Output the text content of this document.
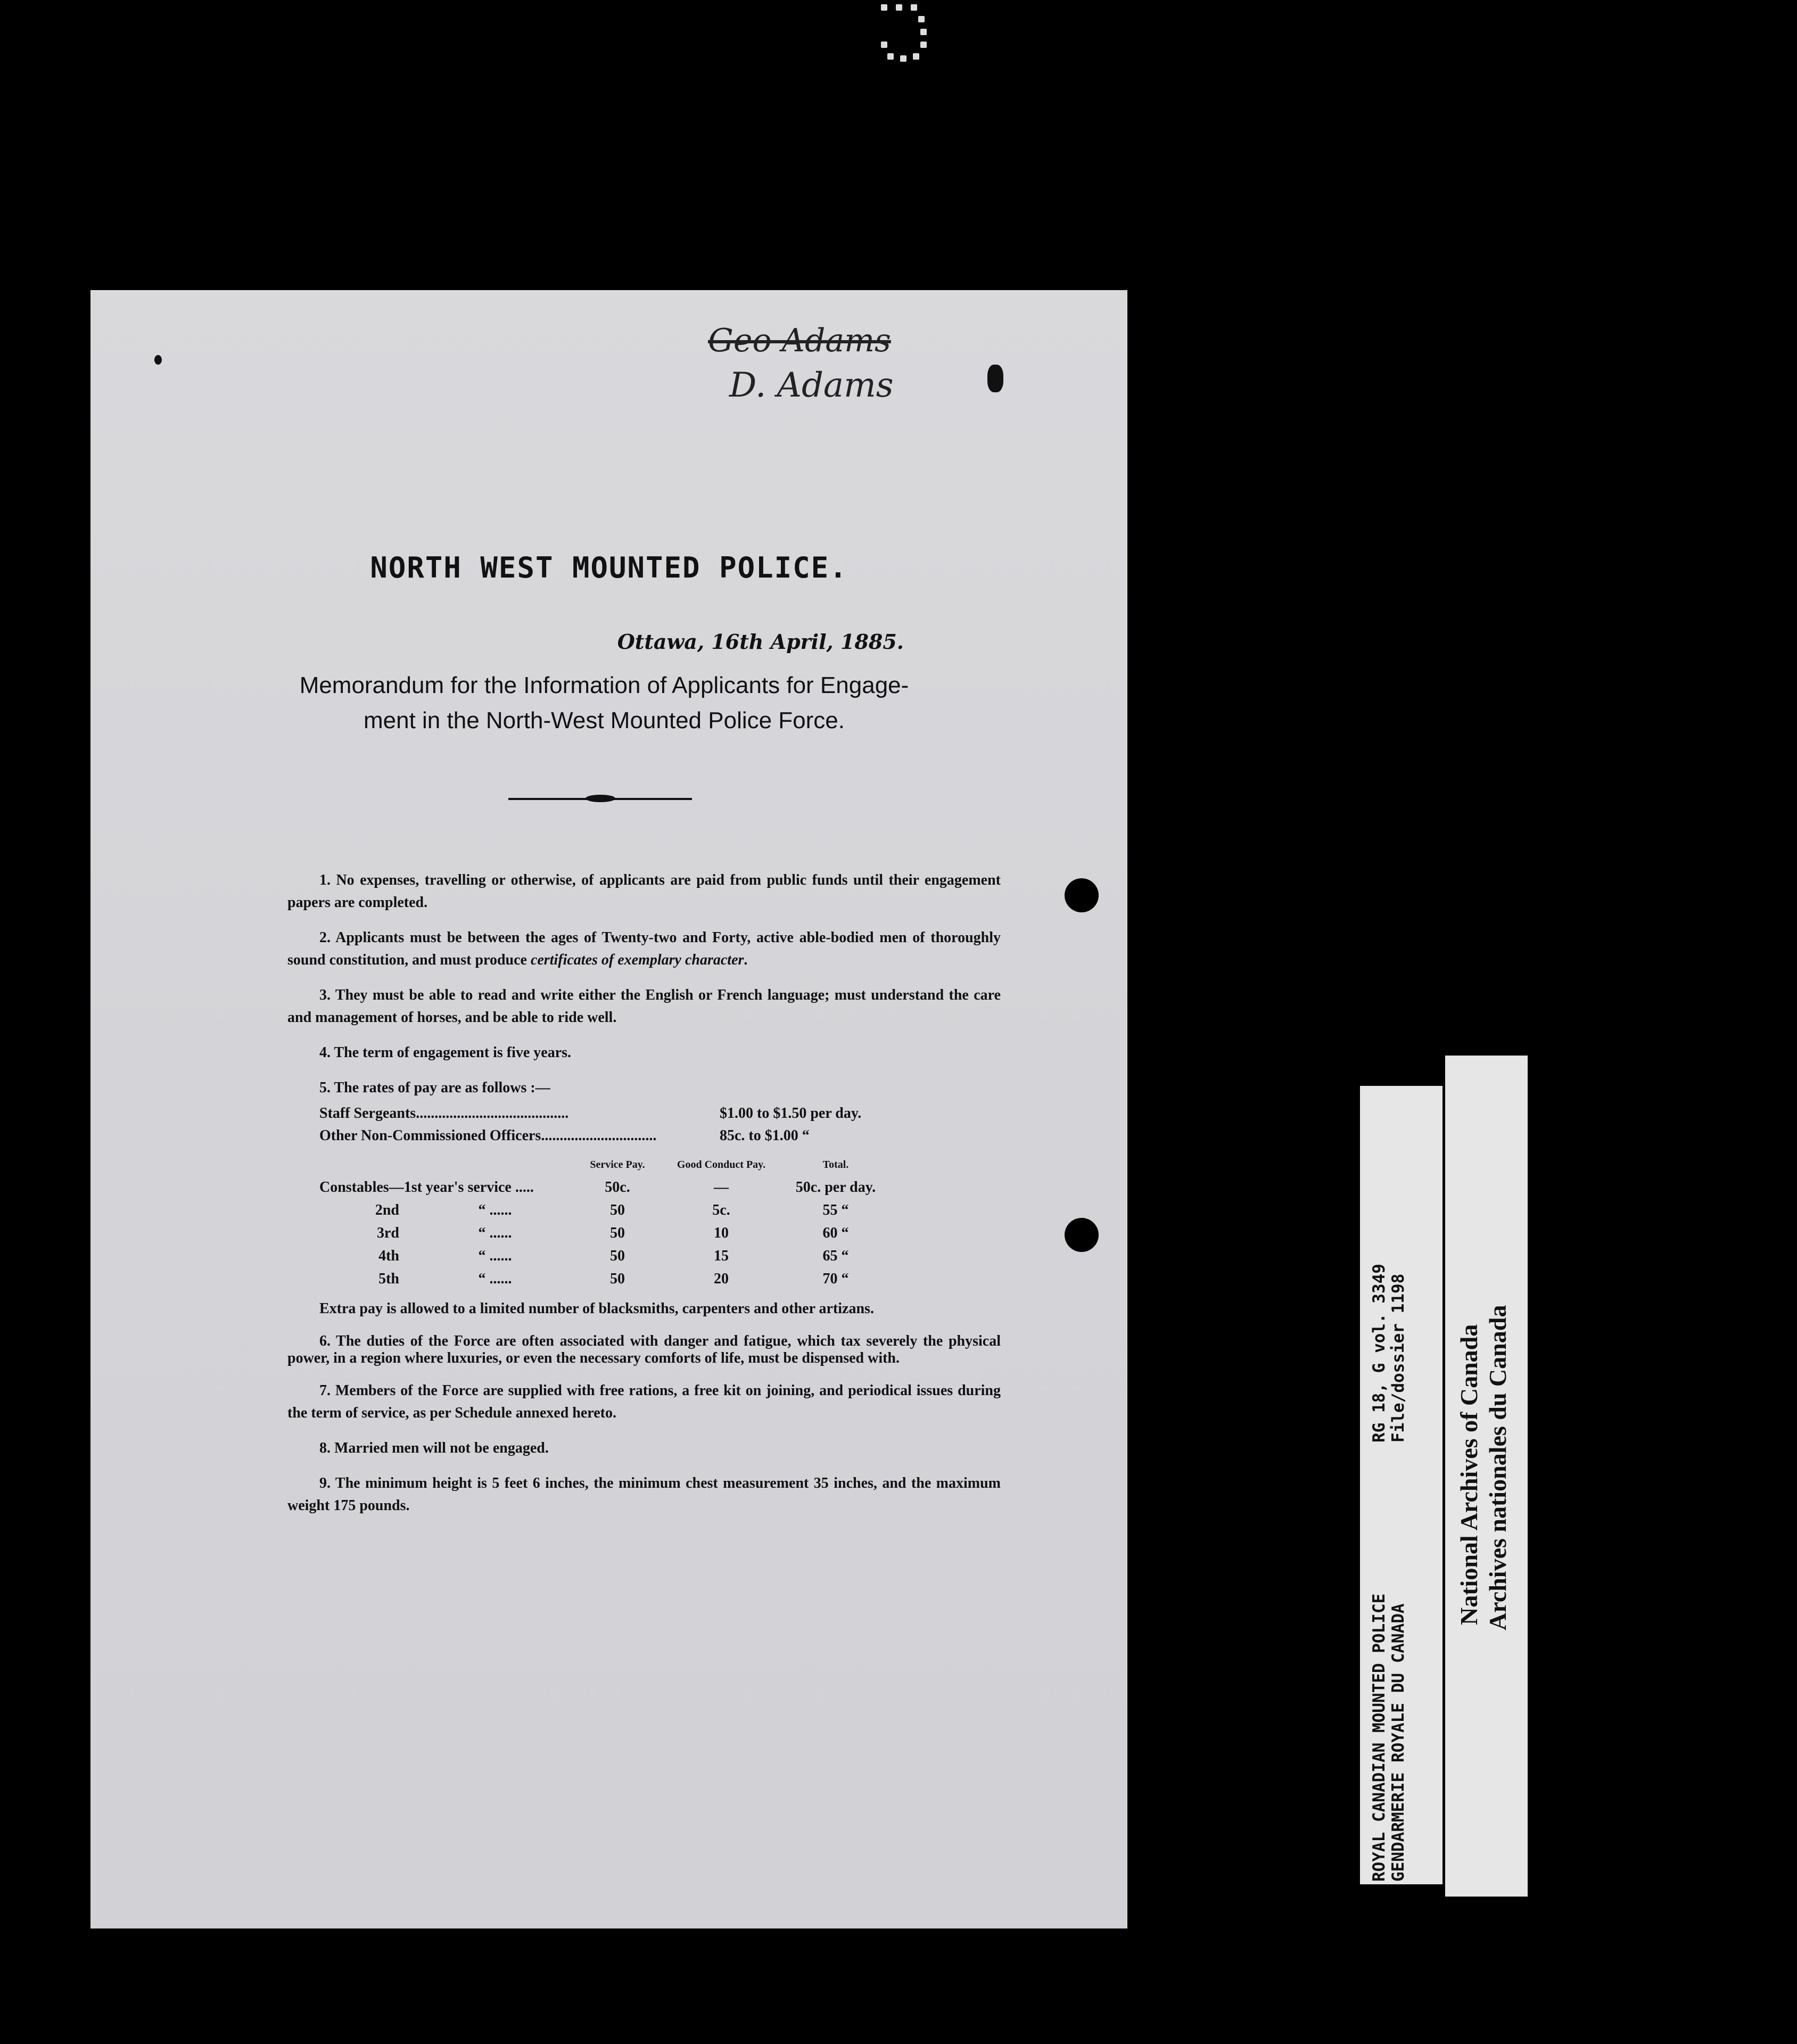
Geo Adams
D. Adams
NORTH WEST MOUNTED POLICE.
Ottawa, 16th April, 1885.
Memorandum for the Information of Applicants for Engage-
ment in the North-West Mounted Police Force.

1. No expenses, travelling or otherwise, of applicants are paid from public funds until their engagement papers are completed.

2. Applicants must be between the ages of Twenty-two and Forty, active able-bodied men of thoroughly sound constitution, and must produce certificates of exemplary character.

3. They must be able to read and write either the English or French language; must understand the care and management of horses, and be able to ride well.

4. The term of engagement is five years.

5. The rates of pay are as follows :—

Staff Sergeants.........................................	$1.00 to $1.50 per day.
Other Non-Commissioned Officers...............................	85c. to $1.00 “
		Service Pay.	Good Conduct Pay.	Total.
Constables—1st year's service .....		50c.	—	50c. per day.
2nd	“ ......	50	5c.	55 “
3rd	“ ......	50	10	60 “
4th	“ ......	50	15	65 “
5th	“ ......	50	20	70 “

Extra pay is allowed to a limited number of blacksmiths, carpenters and other artizans.

6. The duties of the Force are often associated with danger and fatigue, which tax severely the physical power, in a region where luxuries, or even the necessary comforts of life, must be dispensed with.

7. Members of the Force are supplied with free rations, a free kit on joining, and periodical issues during the term of service, as per Schedule annexed hereto.

8. Married men will not be engaged.

9. The minimum height is 5 feet 6 inches, the minimum chest measurement 35 inches, and the maximum weight 175 pounds.

ROYAL CANADIAN MOUNTED POLICE GENDARMERIE ROYALE DU CANADA
RG 18, G vol. 3349 File/dossier 1198 National Archives of Canada Archives nationales du Canada
